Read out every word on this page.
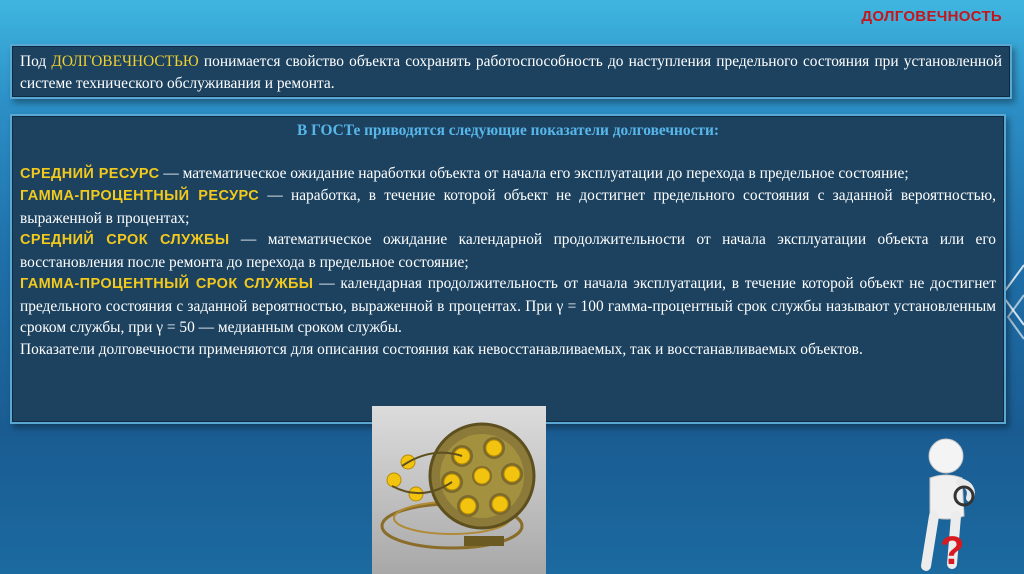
ДОЛГОВЕЧНОСТЬ
Под ДОЛГОВЕЧНОСТЬЮ понимается свойство объекта сохранять работоспособность до наступления предельного состояния при установленной системе технического обслуживания и ремонта.
В ГОСТе приводятся следующие показатели долговечности:
СРЕДНИЙ РЕСУРС — математическое ожидание наработки объекта от начала его эксплуатации до перехода в предельное состояние;
ГАММА-ПРОЦЕНТНЫЙ РЕСУРС — наработка, в течение которой объект не достигнет предельного состояния с заданной вероятностью, выраженной в процентах;
СРЕДНИЙ СРОК СЛУЖБЫ — математическое ожидание календарной продолжительности от начала эксплуатации объекта или его восстановления после ремонта до перехода в предельное состояние;
ГАММА-ПРОЦЕНТНЫЙ СРОК СЛУЖБЫ — календарная продолжительность от начала эксплуатации, в течение которой объект не достигнет предельного состояния с заданной вероятностью, выраженной в процентах. При γ = 100 гамма-процентный срок службы называют установленным сроком службы, при γ = 50 — медианным сроком службы.
Показатели долговечности применяются для описания состояния как невосстанавливаемых, так и восстанавливаемых объектов.
?
